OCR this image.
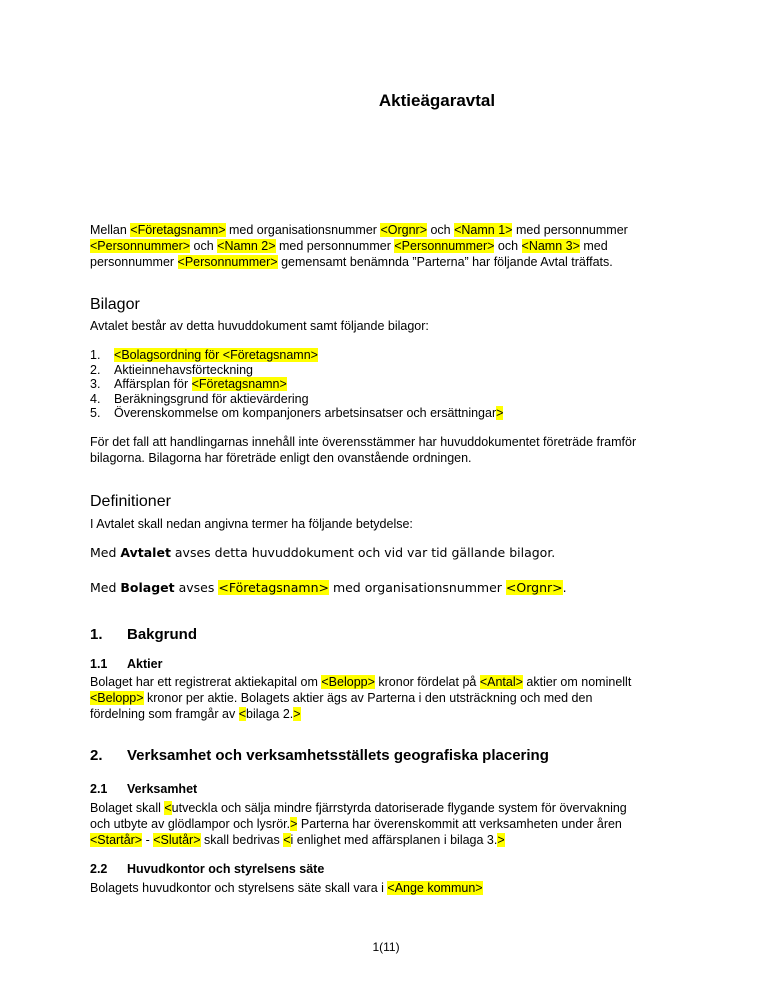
Aktieägaravtal
Mellan <Företagsnamn> med organisationsnummer <Orgnr> och <Namn 1> med personnummer <Personnummer> och <Namn 2> med personnummer <Personnummer> och <Namn 3> med personnummer <Personnummer> gemensamt benämnda ”Parterna” har följande Avtal träffats.
Bilagor
Avtalet består av detta huvuddokument samt följande bilagor:
1.	<Bolagsordning för <Företagsnamn>
2.	Aktieinnehavsförteckning
3.	Affärsplan för <Företagsnamn>
4.	Beräkningsgrund för aktievärdering
5.	Överenskommelse om kompanjoners arbetsinsatser och ersättningar>
För det fall att handlingarnas innehåll inte överensstämmer har huvuddokumentet företräde framför bilagorna. Bilagorna har företräde enligt den ovanstående ordningen.
Definitioner
I Avtalet skall nedan angivna termer ha följande betydelse:
Med Avtalet avses detta huvuddokument och vid var tid gällande bilagor.
Med Bolaget avses <Företagsnamn> med organisationsnummer <Orgnr>.
1. Bakgrund
1.1 Aktier
Bolaget har ett registrerat aktiekapital om <Belopp> kronor fördelat på <Antal> aktier om nominellt <Belopp> kronor per aktie. Bolagets aktier ägs av Parterna i den utsträckning och med den fördelning som framgår av <bilaga 2.>
2. Verksamhet och verksamhetsställets geografiska placering
2.1 Verksamhet
Bolaget skall <utveckla och sälja mindre fjärrstyrda datoriserade flygande system för övervakning och utbyte av glödlampor och lysrör.> Parterna har överenskommit att verksamheten under åren <Startår> - <Slutår> skall bedrivas <i enlighet med affärsplanen i bilaga 3.>
2.2 Huvudkontor och styrelsens säte
Bolagets huvudkontor och styrelsens säte skall vara i <Ange kommun>
1(11)
